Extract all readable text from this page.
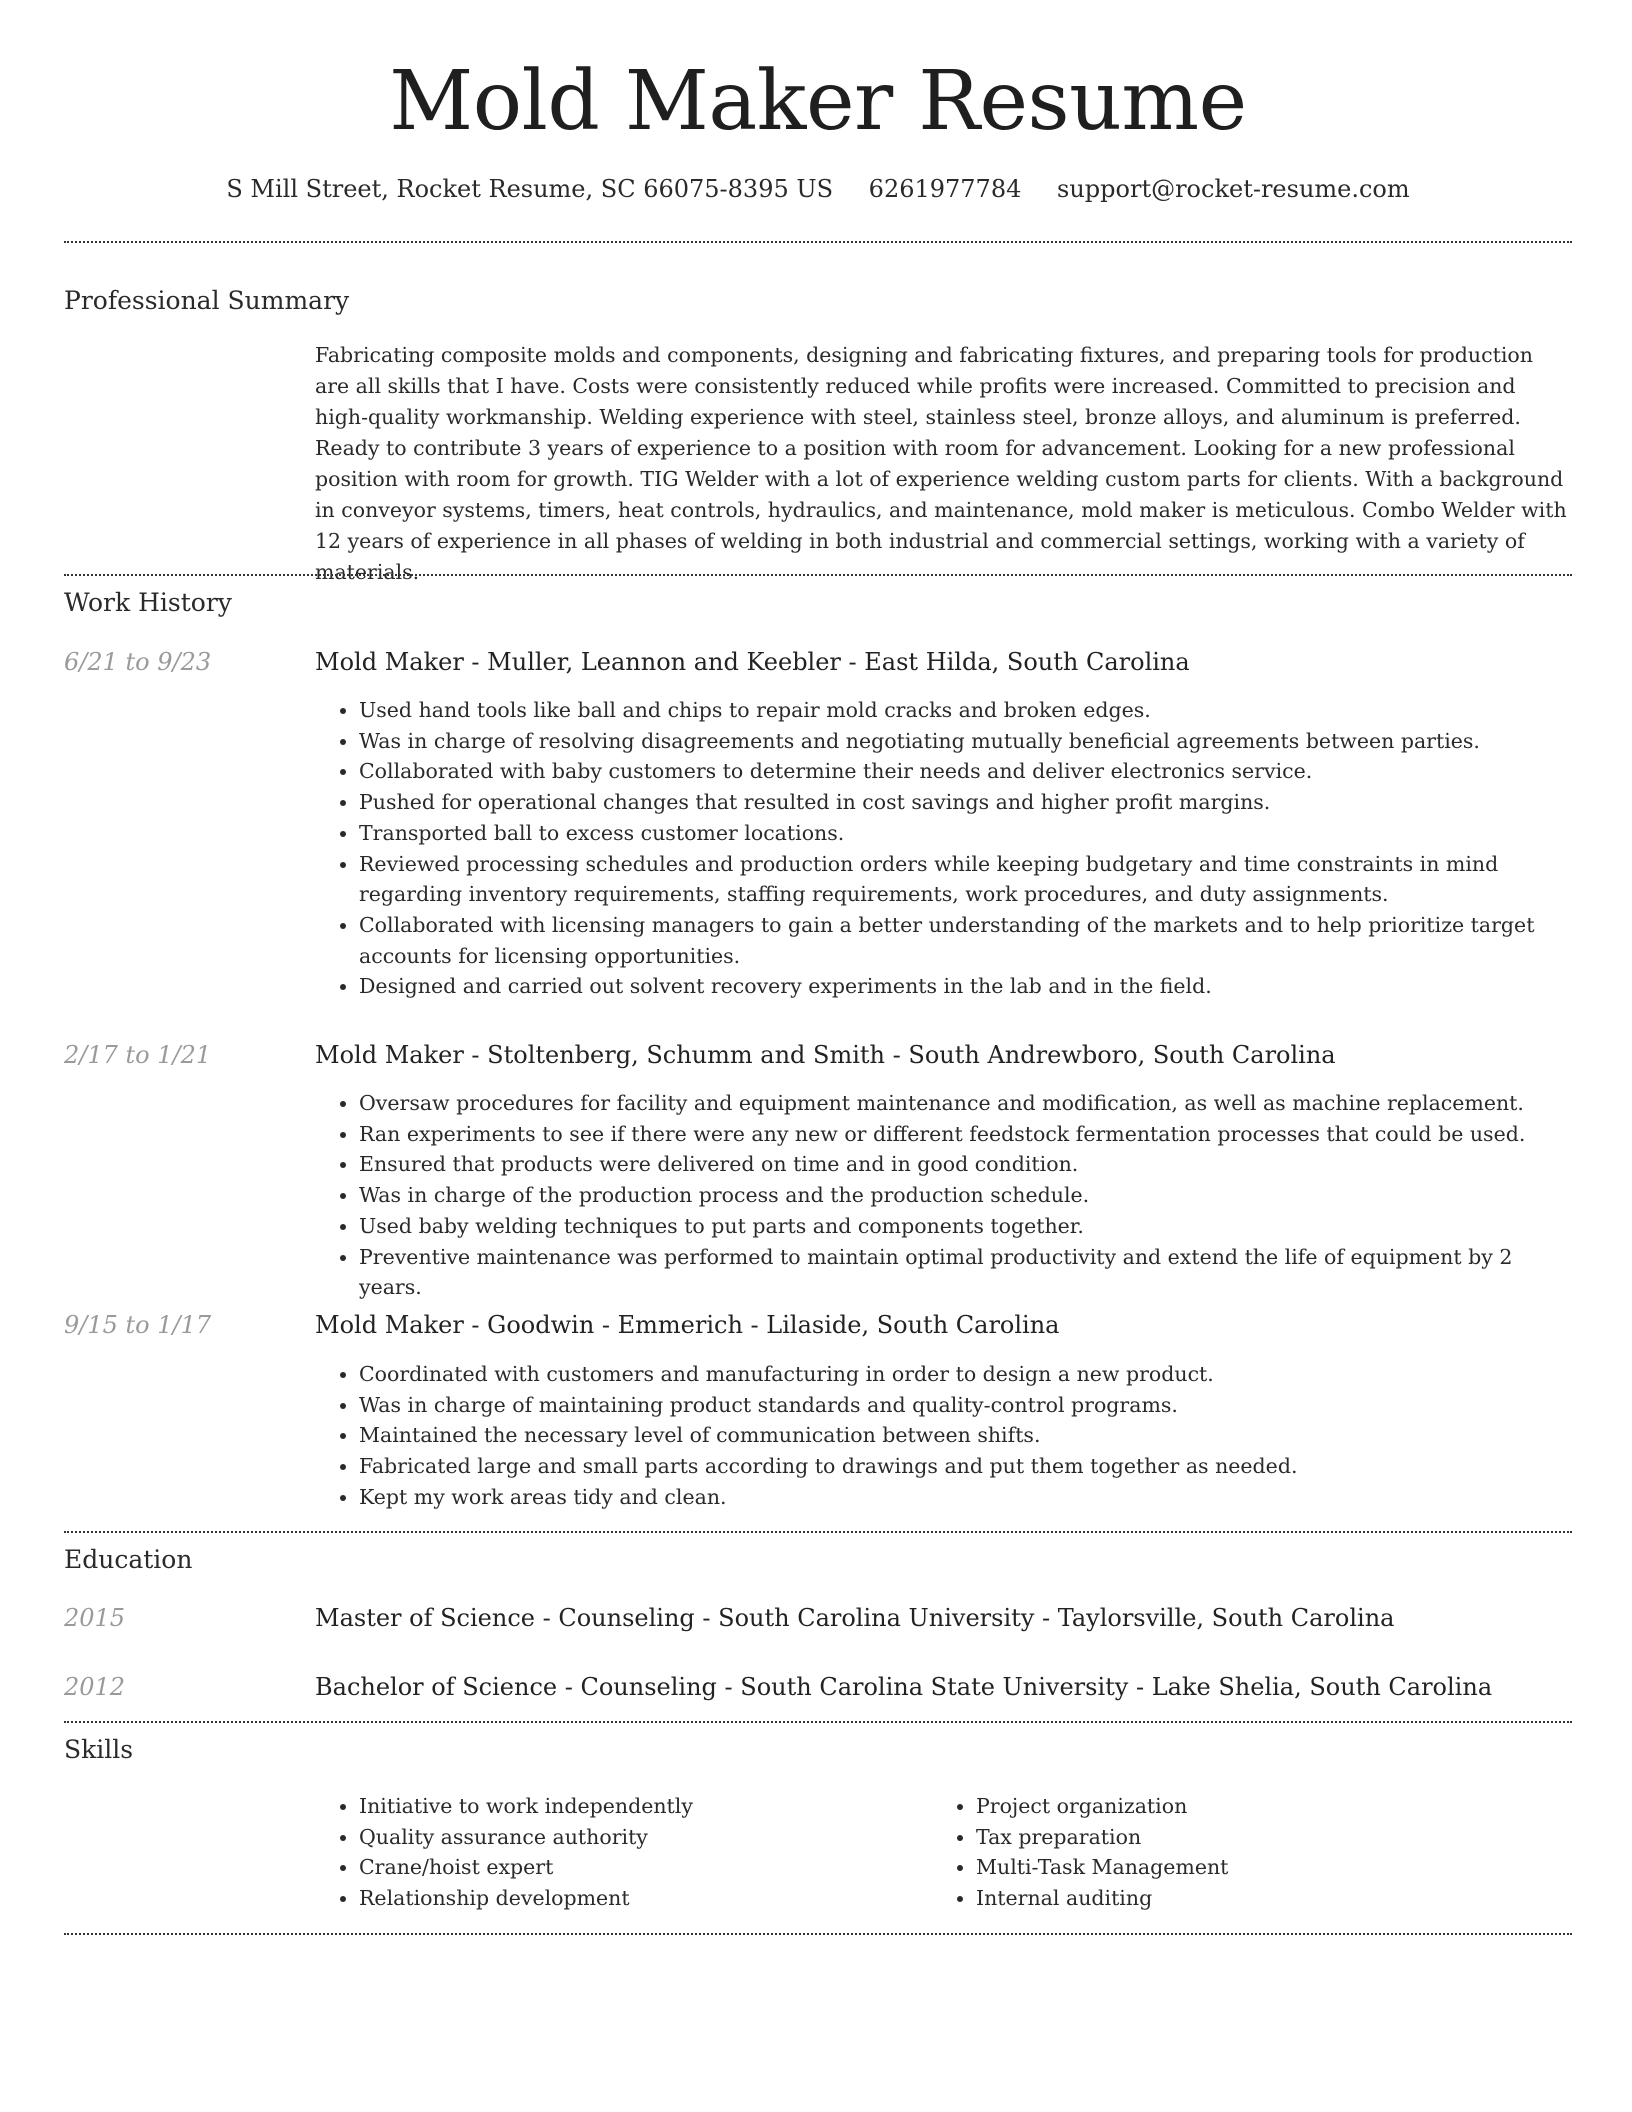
Mold Maker Resume
S Mill Street, Rocket Resume, SC 66075-8395 US 6261977784 support@rocket-resume.com
Professional Summary
Fabricating composite molds and components, designing and fabricating fixtures, and preparing tools for production are all skills that I have. Costs were consistently reduced while profits were increased. Committed to precision and high-quality workmanship. Welding experience with steel, stainless steel, bronze alloys, and aluminum is preferred. Ready to contribute 3 years of experience to a position with room for advancement. Looking for a new professional position with room for growth. TIG Welder with a lot of experience welding custom parts for clients. With a background in conveyor systems, timers, heat controls, hydraulics, and maintenance, mold maker is meticulous. Combo Welder with 12 years of experience in all phases of welding in both industrial and commercial settings, working with a variety of materials.
Work History
6/21 to 9/23	Mold Maker - Muller, Leannon and Keebler - East Hilda, South Carolina
• Used hand tools like ball and chips to repair mold cracks and broken edges.
• Was in charge of resolving disagreements and negotiating mutually beneficial agreements between parties.
• Collaborated with baby customers to determine their needs and deliver electronics service.
• Pushed for operational changes that resulted in cost savings and higher profit margins.
• Transported ball to excess customer locations.
• Reviewed processing schedules and production orders while keeping budgetary and time constraints in mind regarding inventory requirements, staffing requirements, work procedures, and duty assignments.
• Collaborated with licensing managers to gain a better understanding of the markets and to help prioritize target accounts for licensing opportunities.
• Designed and carried out solvent recovery experiments in the lab and in the field.
2/17 to 1/21	Mold Maker - Stoltenberg, Schumm and Smith - South Andrewboro, South Carolina
• Oversaw procedures for facility and equipment maintenance and modification, as well as machine replacement.
• Ran experiments to see if there were any new or different feedstock fermentation processes that could be used.
• Ensured that products were delivered on time and in good condition.
• Was in charge of the production process and the production schedule.
• Used baby welding techniques to put parts and components together.
• Preventive maintenance was performed to maintain optimal productivity and extend the life of equipment by 2 years.
9/15 to 1/17	Mold Maker - Goodwin - Emmerich - Lilaside, South Carolina
• Coordinated with customers and manufacturing in order to design a new product.
• Was in charge of maintaining product standards and quality-control programs.
• Maintained the necessary level of communication between shifts.
• Fabricated large and small parts according to drawings and put them together as needed.
• Kept my work areas tidy and clean.
Education
2015	Master of Science - Counseling - South Carolina University - Taylorsville, South Carolina
2012	Bachelor of Science - Counseling - South Carolina State University - Lake Shelia, South Carolina
Skills
• Initiative to work independently
• Quality assurance authority
• Crane/hoist expert
• Relationship development
• Project organization
• Tax preparation
• Multi-Task Management
• Internal auditing
